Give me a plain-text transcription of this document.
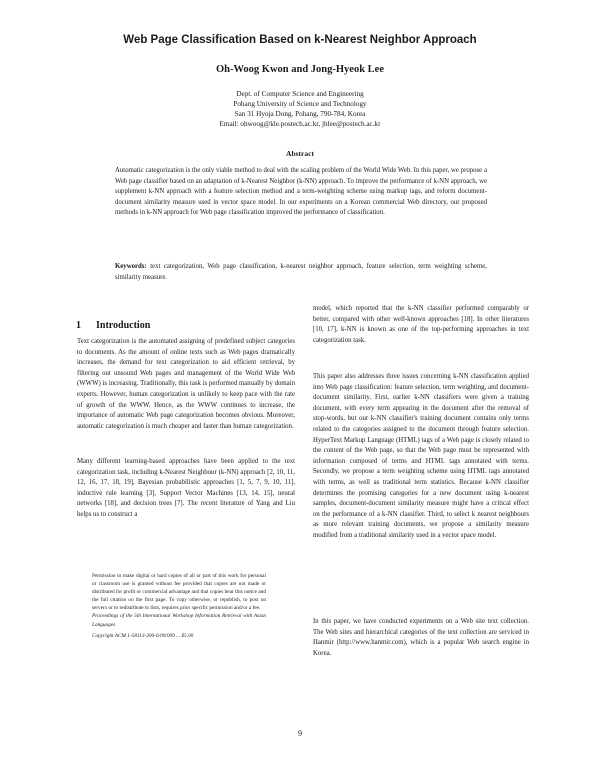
Web Page Classification Based on k-Nearest Neighbor Approach
Oh-Woog Kwon and Jong-Hyeok Lee
Dept. of Computer Science and Engineering
Pohang University of Science and Technology
San 31 Hyoja Dong, Pohang, 790-784, Korea
Email: ohwoog@kle.postech.ac.kr, jhlee@postech.ac.kr
Abstract
Automatic categorization is the only viable method to deal with the scaling problem of the World Wide Web. In this paper, we propose a Web page classifier based on an adaptation of k-Nearest Neighbor (k-NN) approach. To improve the performance of k-NN approach, we supplement k-NN approach with a feature selection method and a term-weighting scheme using markup tags, and reform document-document similarity measure used in vector space model. In our experiments on a Korean commercial Web directory, our proposed methods in k-NN approach for Web page classification improved the performance of classification.
Keywords: text categorization, Web page classification, k-nearest neighbor approach, feature selection, term weighting scheme, similarity measure.
1 Introduction
Text categorization is the automated assigning of predefined subject categories to documents. As the amount of online texts such as Web pages dramatically increases, the demand for text categorization to aid efficient retrieval, by filtering out unsound Web pages and management of the World Wide Web (WWW) is increasing. Traditionally, this task is performed manually by domain experts. However, human categorization is unlikely to keep pace with the rate of growth of the WWW. Hence, as the WWW continues to increase, the importance of automatic Web page categorization becomes obvious. Moreover, automatic categorization is much cheaper and faster than human categorization.
Many different learning-based approaches have been applied to the text categorization task, including k-Nearest Neighbour (k-NN) approach [2, 10, 11, 12, 16, 17, 18, 19], Bayesian probabilistic approaches [1, 5, 7, 9, 10, 11], inductive rule learning [3], Support Vector Machines [13, 14, 15], neural networks [18], and decision trees [7]. The recent literature of Yang and Liu helps us to construct a
Permission to make digital or hard copies of all or part of this work for personal or classroom use is granted without fee provided that copies are not made or distributed for profit or commercial advantage and that copies bear this notice and the full citation on the first page. To copy otherwise, or republish, to post on servers or to redistribute to lists, requires prior specific permission and/or a fee.
Proceedings of the 5th International Workshop Information Retrieval with Asian Languages
Copyright ACM 1-58113-300-6/00/009 ... $5.00
model, which reported that the k-NN classifier performed comparably or better, compared with other well-known approaches [18]. In other literatures [10, 17], k-NN is known as one of the top-performing approaches in text categorization task.
This paper also addresses three issues concerning k-NN classification applied into Web page classification: feature selection, term weighting, and document-document similarity. First, earlier k-NN classifiers were given a training document, with every term appearing in the document after the removal of stop-words, but our k-NN classifier's training document contains only terms related to the categories assigned to the document through feature selection. HyperText Markup Language (HTML) tags of a Web page is closely related to the content of the Web page, so that the Web page must be represented with information composed of terms and HTML tags annotated with terms. Secondly, we propose a term weighting scheme using HTML tags annotated with terms, as well as traditional term statistics. Because k-NN classifier determines the promising categories for a new document using k-nearest samples, document-document similarity measure might have a critical effect on the performance of a k-NN classifier. Third, to select k nearest neighbours as more relevant training documents, we propose a similarity measure modified from a traditional similarity used in a vector space model.
In this paper, we have conducted experiments on a Web site text collection. The Web sites and hierarchical categories of the text collection are serviced in Hanmir (http://www.hanmir.com), which is a popular Web search engine in Korea.
9
